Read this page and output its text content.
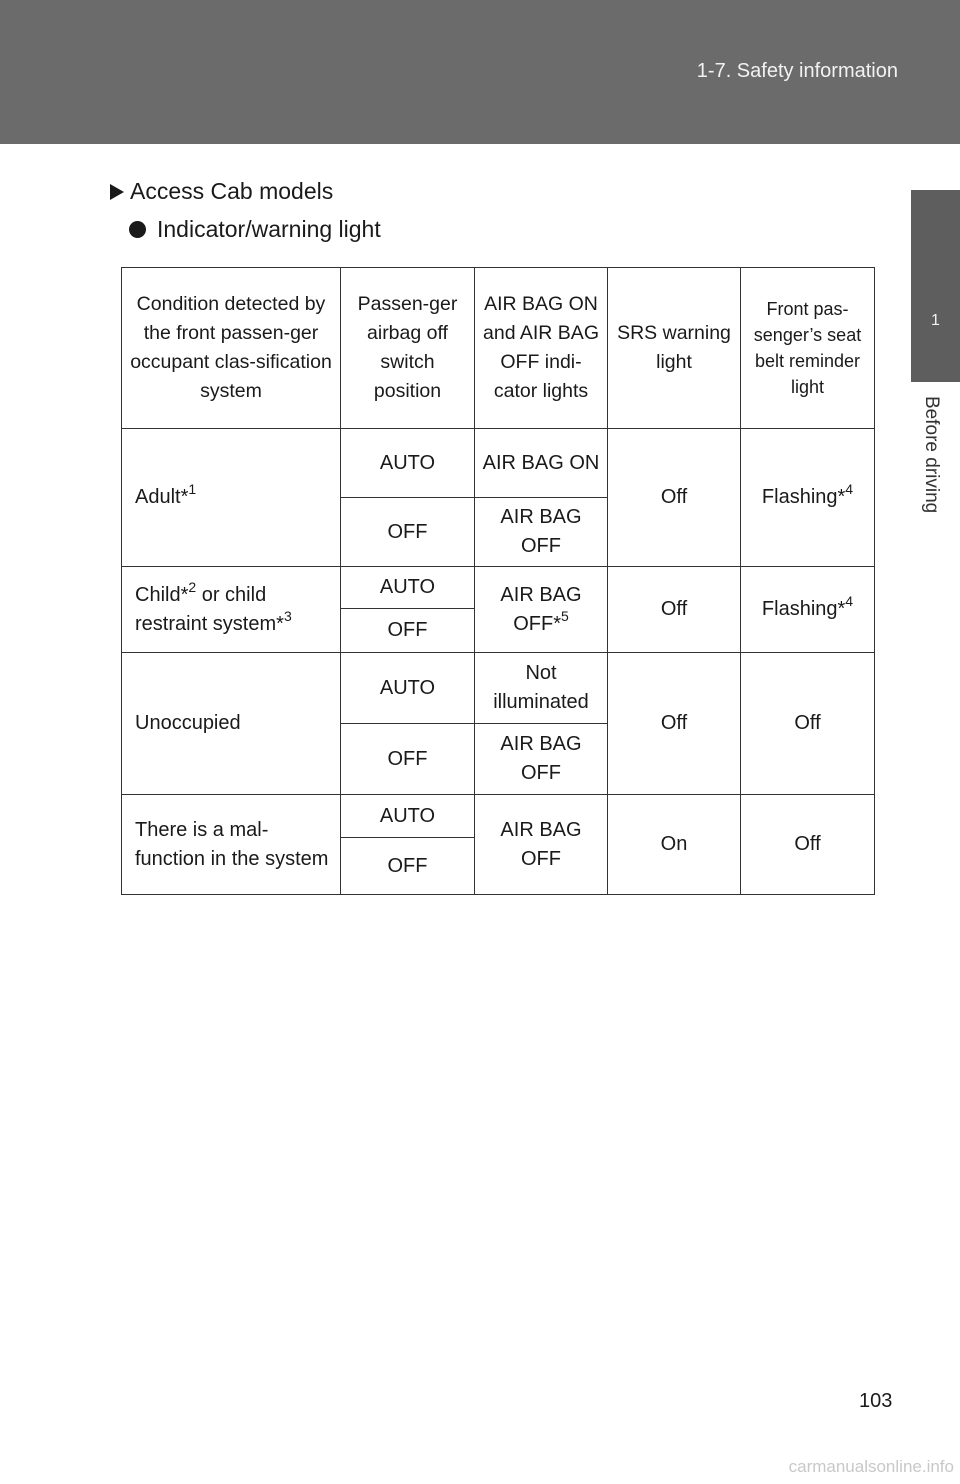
1-7. Safety information
1
Before driving
Access Cab models
Indicator/warning light
Condition detected by the front passen-ger occupant clas-sification system	Passen-ger airbag off switch position	AIR BAG ON and AIR BAG OFF indi-cator lights	SRS warning light	Front pas-senger’s seat belt reminder light
Adult*$^1$	AUTO	AIR BAG ON	Off	Flashing*$^4$
	OFF	AIR BAG OFF		
Child*$^2$ or child restraint system*$^3$	AUTO	AIR BAG OFF*$^5$	Off	Flashing*$^4$
	OFF			
Unoccupied	AUTO	Not illuminated	Off	Off
	OFF	AIR BAG OFF		
There is a mal-function in the system	AUTO	AIR BAG OFF	On	Off
	OFF			
103
carmanualsonline.info
